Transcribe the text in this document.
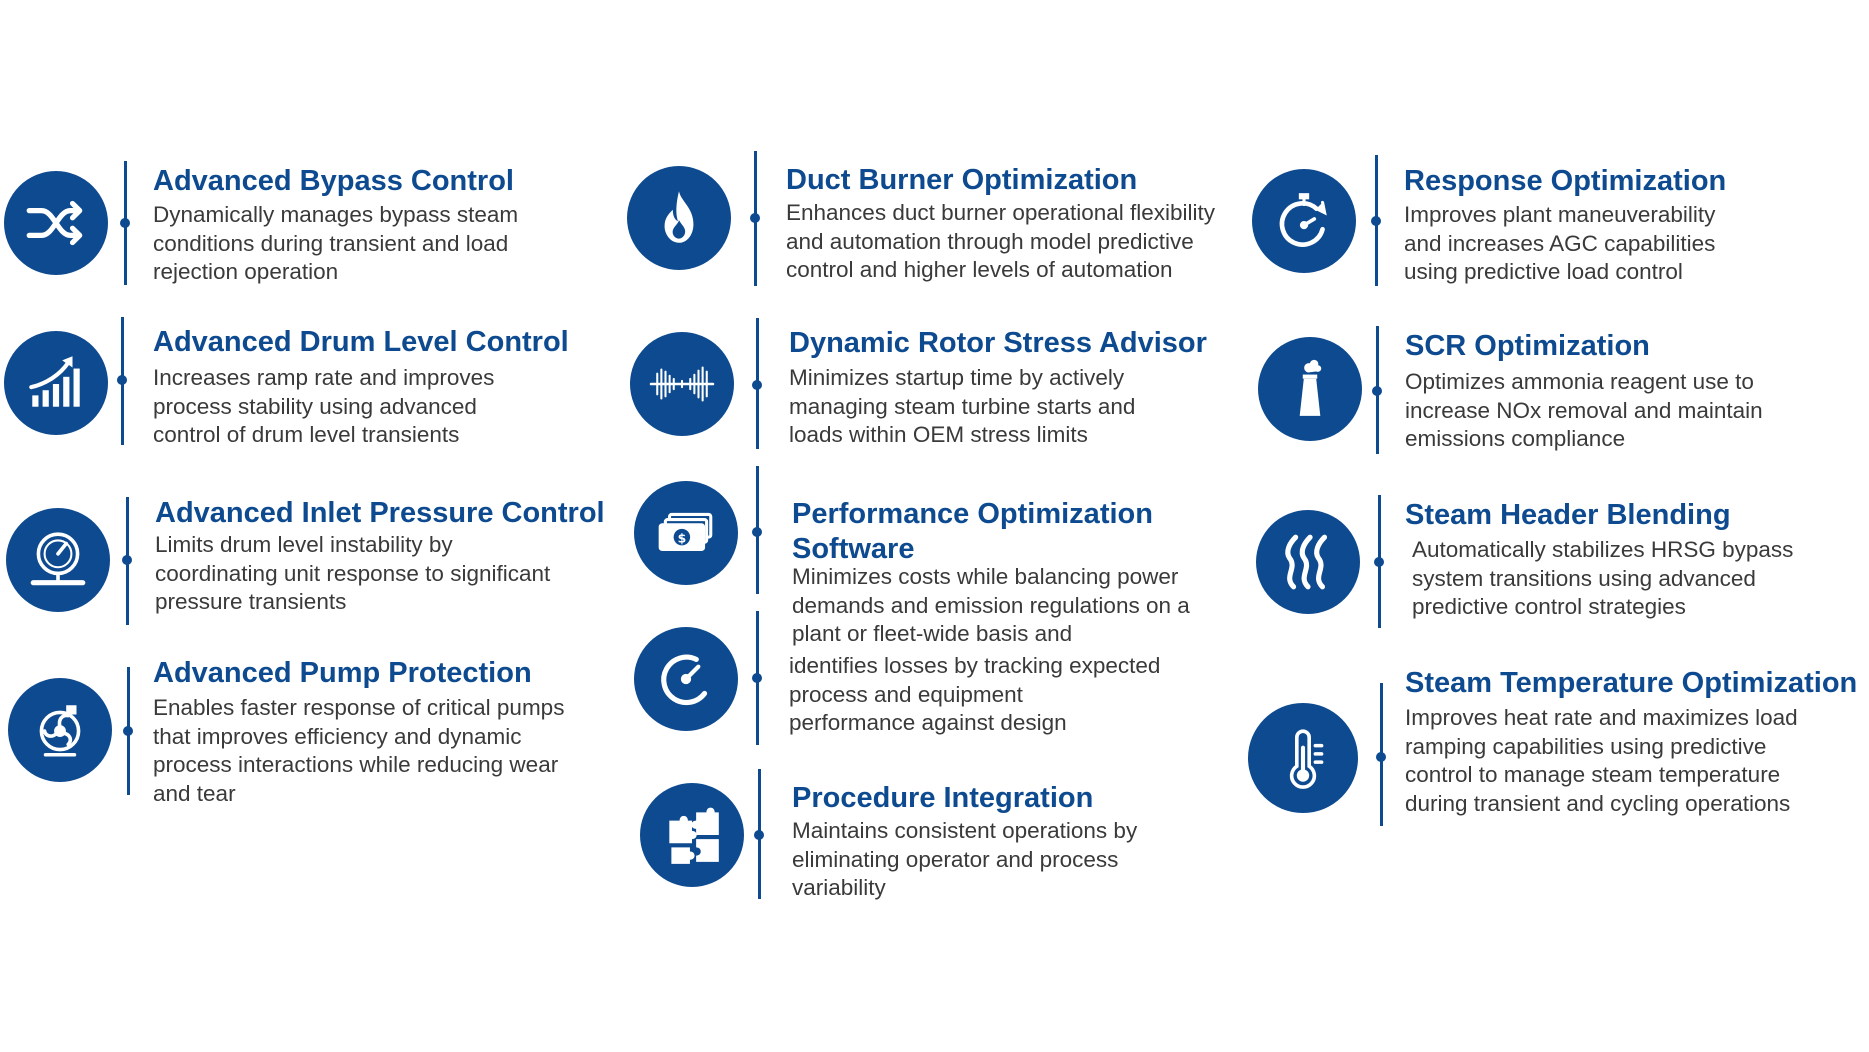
Advanced Bypass Control
Dynamically manages bypass steam
conditions during transient and load
rejection operation
Advanced Drum Level Control
Increases ramp rate and improves
process stability using advanced
control of drum level transients
Advanced Inlet Pressure Control
Limits drum level instability by
coordinating unit response to significant
pressure transients
Advanced Pump Protection
Enables faster response of critical pumps
that improves efficiency and dynamic
process interactions while reducing wear
and tear
Duct Burner Optimization
Enhances duct burner operational flexibility
and automation through model predictive
control and higher levels of automation
Dynamic Rotor Stress Advisor
Minimizes startup time by actively
managing steam turbine starts and
loads within OEM stress limits
$
Performance Optimization
Software
Minimizes costs while balancing power
demands and emission regulations on a
plant or fleet-wide basis and
identifies losses by tracking expected
process and equipment
performance against design
Procedure Integration
Maintains consistent operations by
eliminating operator and process
variability
Response Optimization
Improves plant maneuverability
and increases AGC capabilities
using predictive load control
SCR Optimization
Optimizes ammonia reagent use to
increase NOx removal and maintain
emissions compliance
Steam Header Blending
Automatically stabilizes HRSG bypass
system transitions using advanced
predictive control strategies
Steam Temperature Optimization
Improves heat rate and maximizes load
ramping capabilities using predictive
control to manage steam temperature
during transient and cycling operations
